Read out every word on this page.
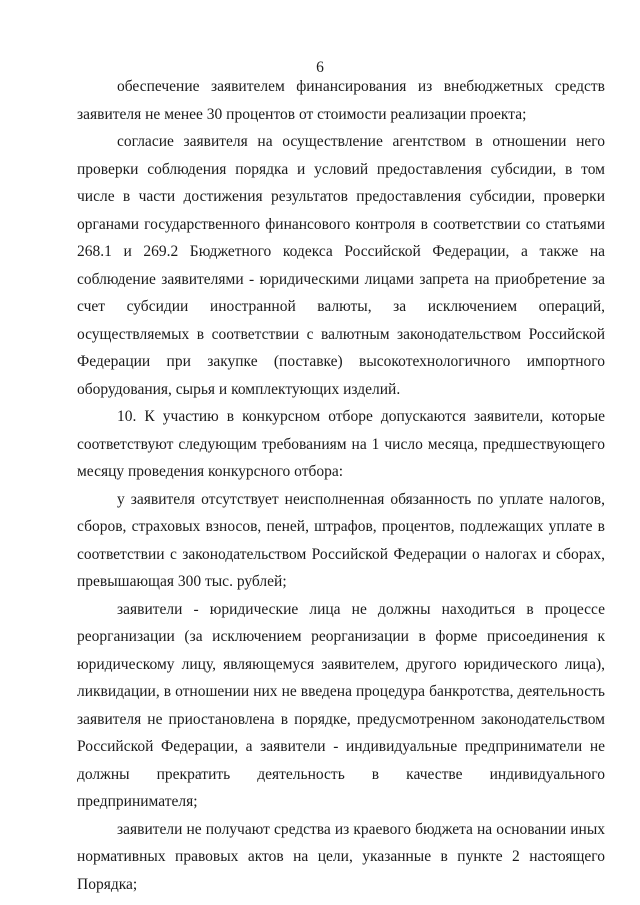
6

обеспечение заявителем финансирования из внебюджетных средств заявителя не менее 30 процентов от стоимости реализации проекта;

согласие заявителя на осуществление агентством в отношении него проверки соблюдения порядка и условий предоставления субсидии, в том числе в части достижения результатов предоставления субсидии, проверки органами государственного финансового контроля в соответствии со статьями 268.1 и 269.2 Бюджетного кодекса Российской Федерации, а также на соблюдение заявителями - юридическими лицами запрета на приобретение за счет субсидии иностранной валюты, за исключением операций, осуществляемых в соответствии с валютным законодательством Российской Федерации при закупке (поставке) высокотехнологичного импортного оборудования, сырья и комплектующих изделий.

10. К участию в конкурсном отборе допускаются заявители, которые соответствуют следующим требованиям на 1 число месяца, предшествующего месяцу проведения конкурсного отбора:

у заявителя отсутствует неисполненная обязанность по уплате налогов, сборов, страховых взносов, пеней, штрафов, процентов, подлежащих уплате в соответствии с законодательством Российской Федерации о налогах и сборах, превышающая 300 тыс. рублей;

заявители - юридические лица не должны находиться в процессе реорганизации (за исключением реорганизации в форме присоединения к юридическому лицу, являющемуся заявителем, другого юридического лица), ликвидации, в отношении них не введена процедура банкротства, деятельность заявителя не приостановлена в порядке, предусмотренном законодательством Российской Федерации, а заявители - индивидуальные предприниматели не должны прекратить деятельность в качестве индивидуального предпринимателя;

заявители не получают средства из краевого бюджета на основании иных нормативных правовых актов на цели, указанные в пункте 2 настоящего Порядка;
